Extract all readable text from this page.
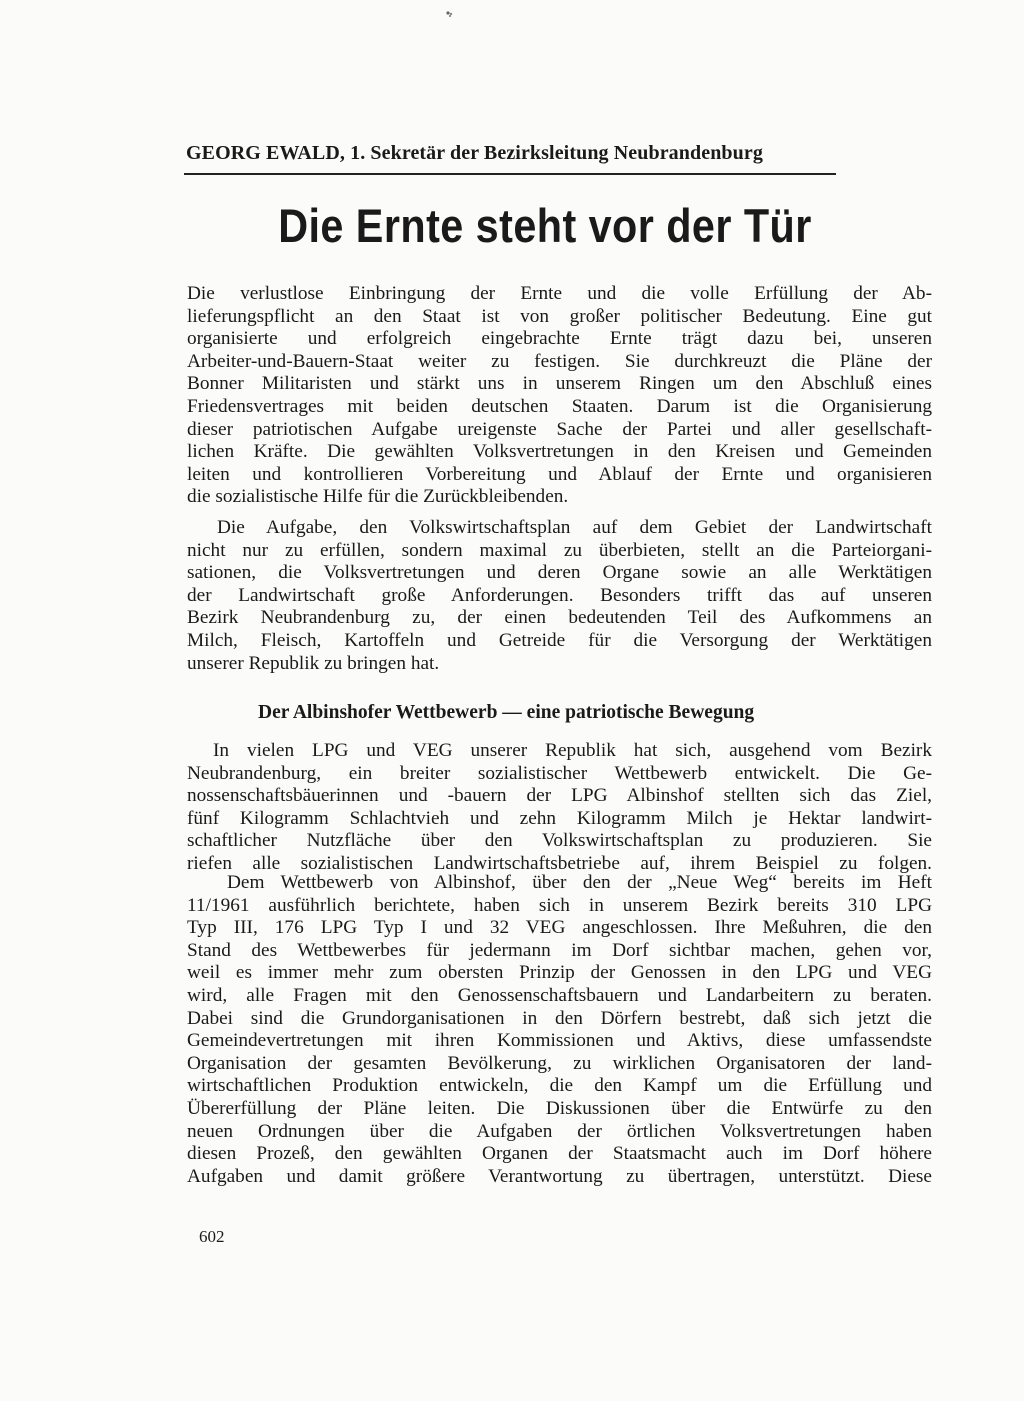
GEORG EWALD, 1. Sekretär der Bezirksleitung Neubrandenburg
Die Ernte steht vor der Tür
Die verlustlose Einbringung der Ernte und die volle Erfüllung der Ab-
lieferungspflicht an den Staat ist von großer politischer Bedeutung. Eine gut
organisierte und erfolgreich eingebrachte Ernte trägt dazu bei, unseren
Arbeiter-und-Bauern-Staat weiter zu festigen. Sie durchkreuzt die Pläne der
Bonner Militaristen und stärkt uns in unserem Ringen um den Abschluß eines
Friedensvertrages mit beiden deutschen Staaten. Darum ist die Organisierung
dieser patriotischen Aufgabe ureigenste Sache der Partei und aller gesellschaft-
lichen Kräfte. Die gewählten Volksvertretungen in den Kreisen und Gemeinden
leiten und kontrollieren Vorbereitung und Ablauf der Ernte und organisieren
die sozialistische Hilfe für die Zurückbleibenden.
Die Aufgabe, den Volkswirtschaftsplan auf dem Gebiet der Landwirtschaft
nicht nur zu erfüllen, sondern maximal zu überbieten, stellt an die Parteiorgani-
sationen, die Volksvertretungen und deren Organe sowie an alle Werktätigen
der Landwirtschaft große Anforderungen. Besonders trifft das auf unseren
Bezirk Neubrandenburg zu, der einen bedeutenden Teil des Aufkommens an
Milch, Fleisch, Kartoffeln und Getreide für die Versorgung der Werktätigen
unserer Republik zu bringen hat.
Der Albinshofer Wettbewerb — eine patriotische Bewegung
In vielen LPG und VEG unserer Republik hat sich, ausgehend vom Bezirk
Neubrandenburg, ein breiter sozialistischer Wettbewerb entwickelt. Die Ge-
nossenschaftsbäuerinnen und -bauern der LPG Albinshof stellten sich das Ziel,
fünf Kilogramm Schlachtvieh und zehn Kilogramm Milch je Hektar landwirt-
schaftlicher Nutzfläche über den Volkswirtschaftsplan zu produzieren. Sie
riefen alle sozialistischen Landwirtschaftsbetriebe auf, ihrem Beispiel zu folgen.
Dem Wettbewerb von Albinshof, über den der „Neue Weg“ bereits im Heft
11/1961 ausführlich berichtete, haben sich in unserem Bezirk bereits 310 LPG
Typ III, 176 LPG Typ I und 32 VEG angeschlossen. Ihre Meßuhren, die den
Stand des Wettbewerbes für jedermann im Dorf sichtbar machen, gehen vor,
weil es immer mehr zum obersten Prinzip der Genossen in den LPG und VEG
wird, alle Fragen mit den Genossenschaftsbauern und Landarbeitern zu beraten.
Dabei sind die Grundorganisationen in den Dörfern bestrebt, daß sich jetzt die
Gemeindevertretungen mit ihren Kommissionen und Aktivs, diese umfassendste
Organisation der gesamten Bevölkerung, zu wirklichen Organisatoren der land-
wirtschaftlichen Produktion entwickeln, die den Kampf um die Erfüllung und
Übererfüllung der Pläne leiten. Die Diskussionen über die Entwürfe zu den
neuen Ordnungen über die Aufgaben der örtlichen Volksvertretungen haben
diesen Prozeß, den gewählten Organen der Staatsmacht auch im Dorf höhere
Aufgaben und damit größere Verantwortung zu übertragen, unterstützt. Diese
602
